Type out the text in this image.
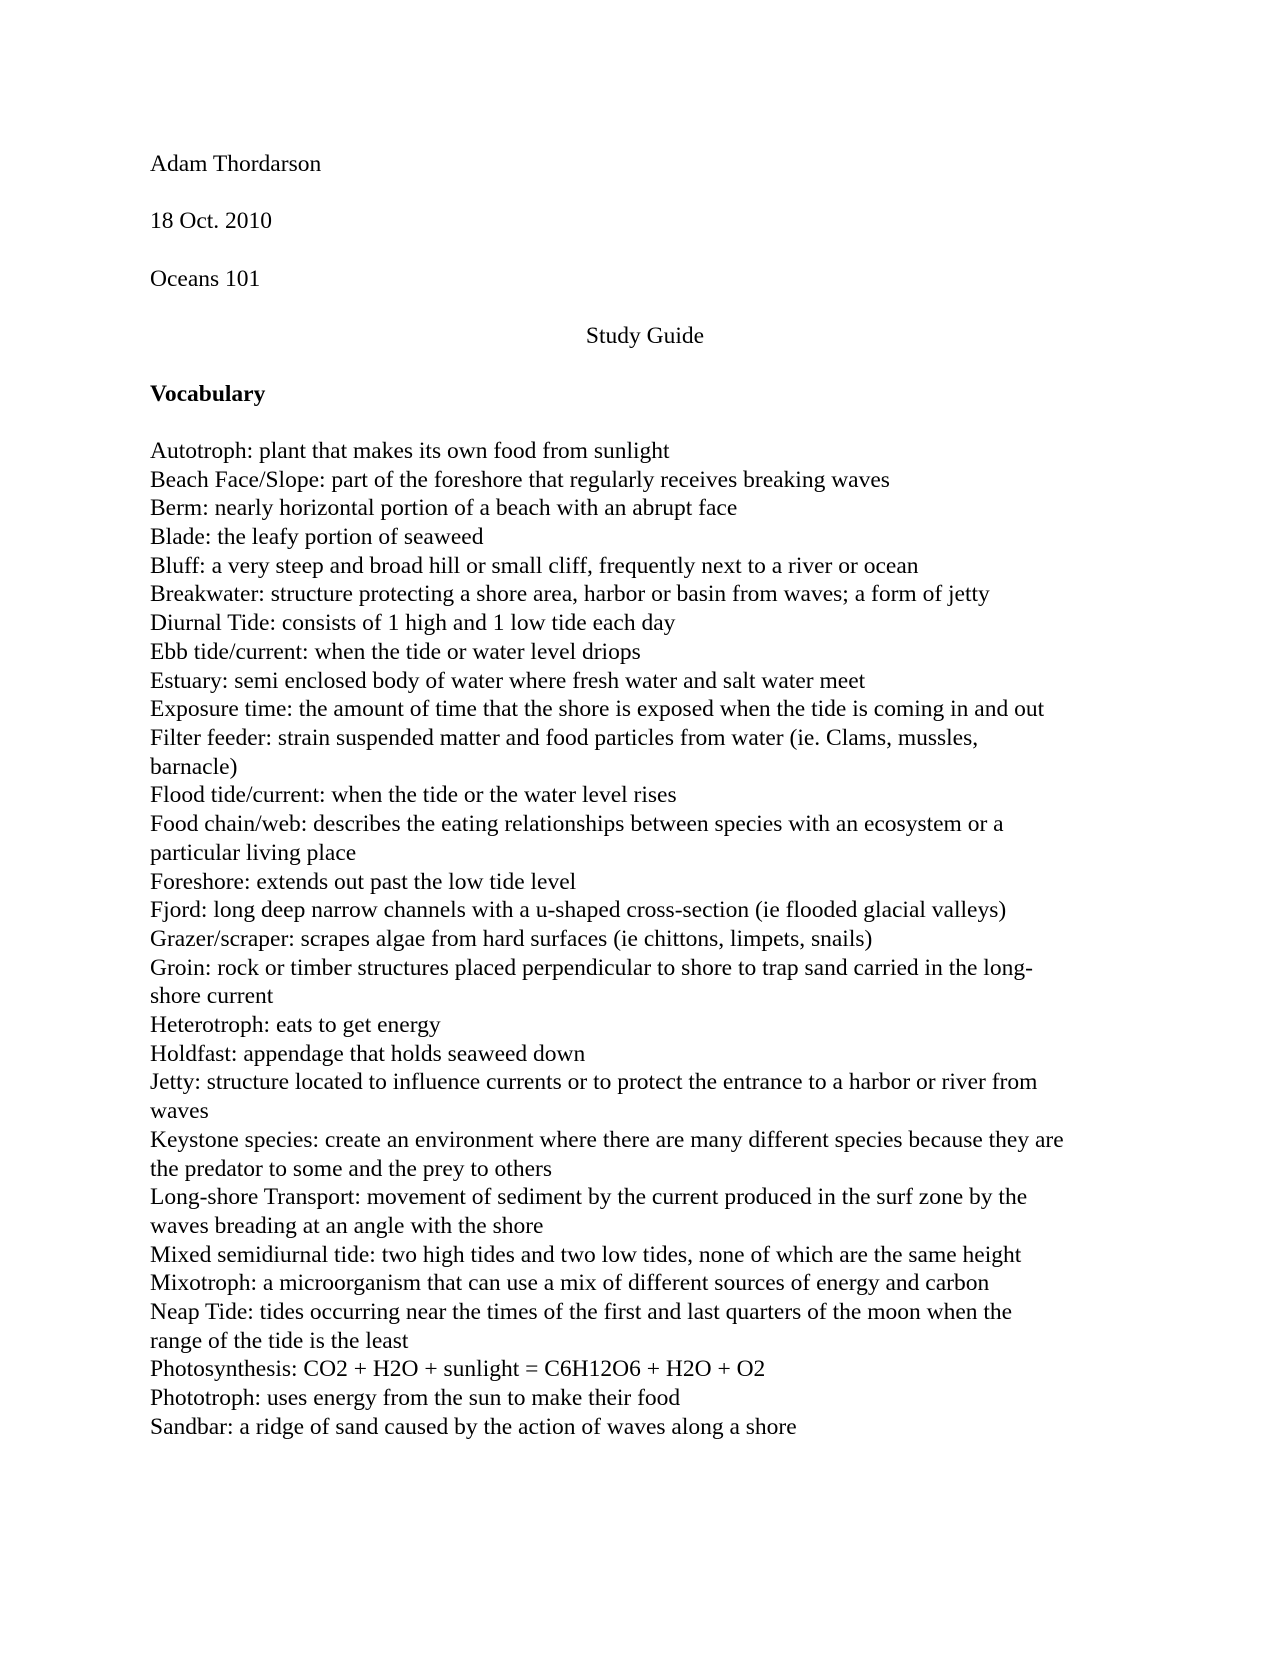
Adam Thordarson

18 Oct. 2010

Oceans 101

Study Guide

Vocabulary

Autotroph: plant that makes its own food from sunlight
Beach Face/Slope: part of the foreshore that regularly receives breaking waves
Berm: nearly horizontal portion of a beach with an abrupt face
Blade: the leafy portion of seaweed
Bluff: a very steep and broad hill or small cliff, frequently next to a river or ocean
Breakwater: structure protecting a shore area, harbor or basin from waves; a form of jetty
Diurnal Tide: consists of 1 high and 1 low tide each day
Ebb tide/current: when the tide or water level driops
Estuary: semi enclosed body of water where fresh water and salt water meet
Exposure time: the amount of time that the shore is exposed when the tide is coming in and out
Filter feeder: strain suspended matter and food particles from water (ie. Clams, mussles,
barnacle)
Flood tide/current: when the tide or the water level rises
Food chain/web: describes the eating relationships between species with an ecosystem or a
particular living place
Foreshore: extends out past the low tide level
Fjord: long deep narrow channels with a u-shaped cross-section (ie flooded glacial valleys)
Grazer/scraper: scrapes algae from hard surfaces (ie chittons, limpets, snails)
Groin: rock or timber structures placed perpendicular to shore to trap sand carried in the long-
shore current
Heterotroph: eats to get energy
Holdfast: appendage that holds seaweed down
Jetty: structure located to influence currents or to protect the entrance to a harbor or river from
waves
Keystone species: create an environment where there are many different species because they are
the predator to some and the prey to others
Long-shore Transport: movement of sediment by the current produced in the surf zone by the
waves breading at an angle with the shore
Mixed semidiurnal tide: two high tides and two low tides, none of which are the same height
Mixotroph: a microorganism that can use a mix of different sources of energy and carbon
Neap Tide: tides occurring near the times of the first and last quarters of the moon when the
range of the tide is the least
Photosynthesis: CO2 + H2O + sunlight = C6H12O6 + H2O + O2
Phototroph: uses energy from the sun to make their food
Sandbar: a ridge of sand caused by the action of waves along a shore
